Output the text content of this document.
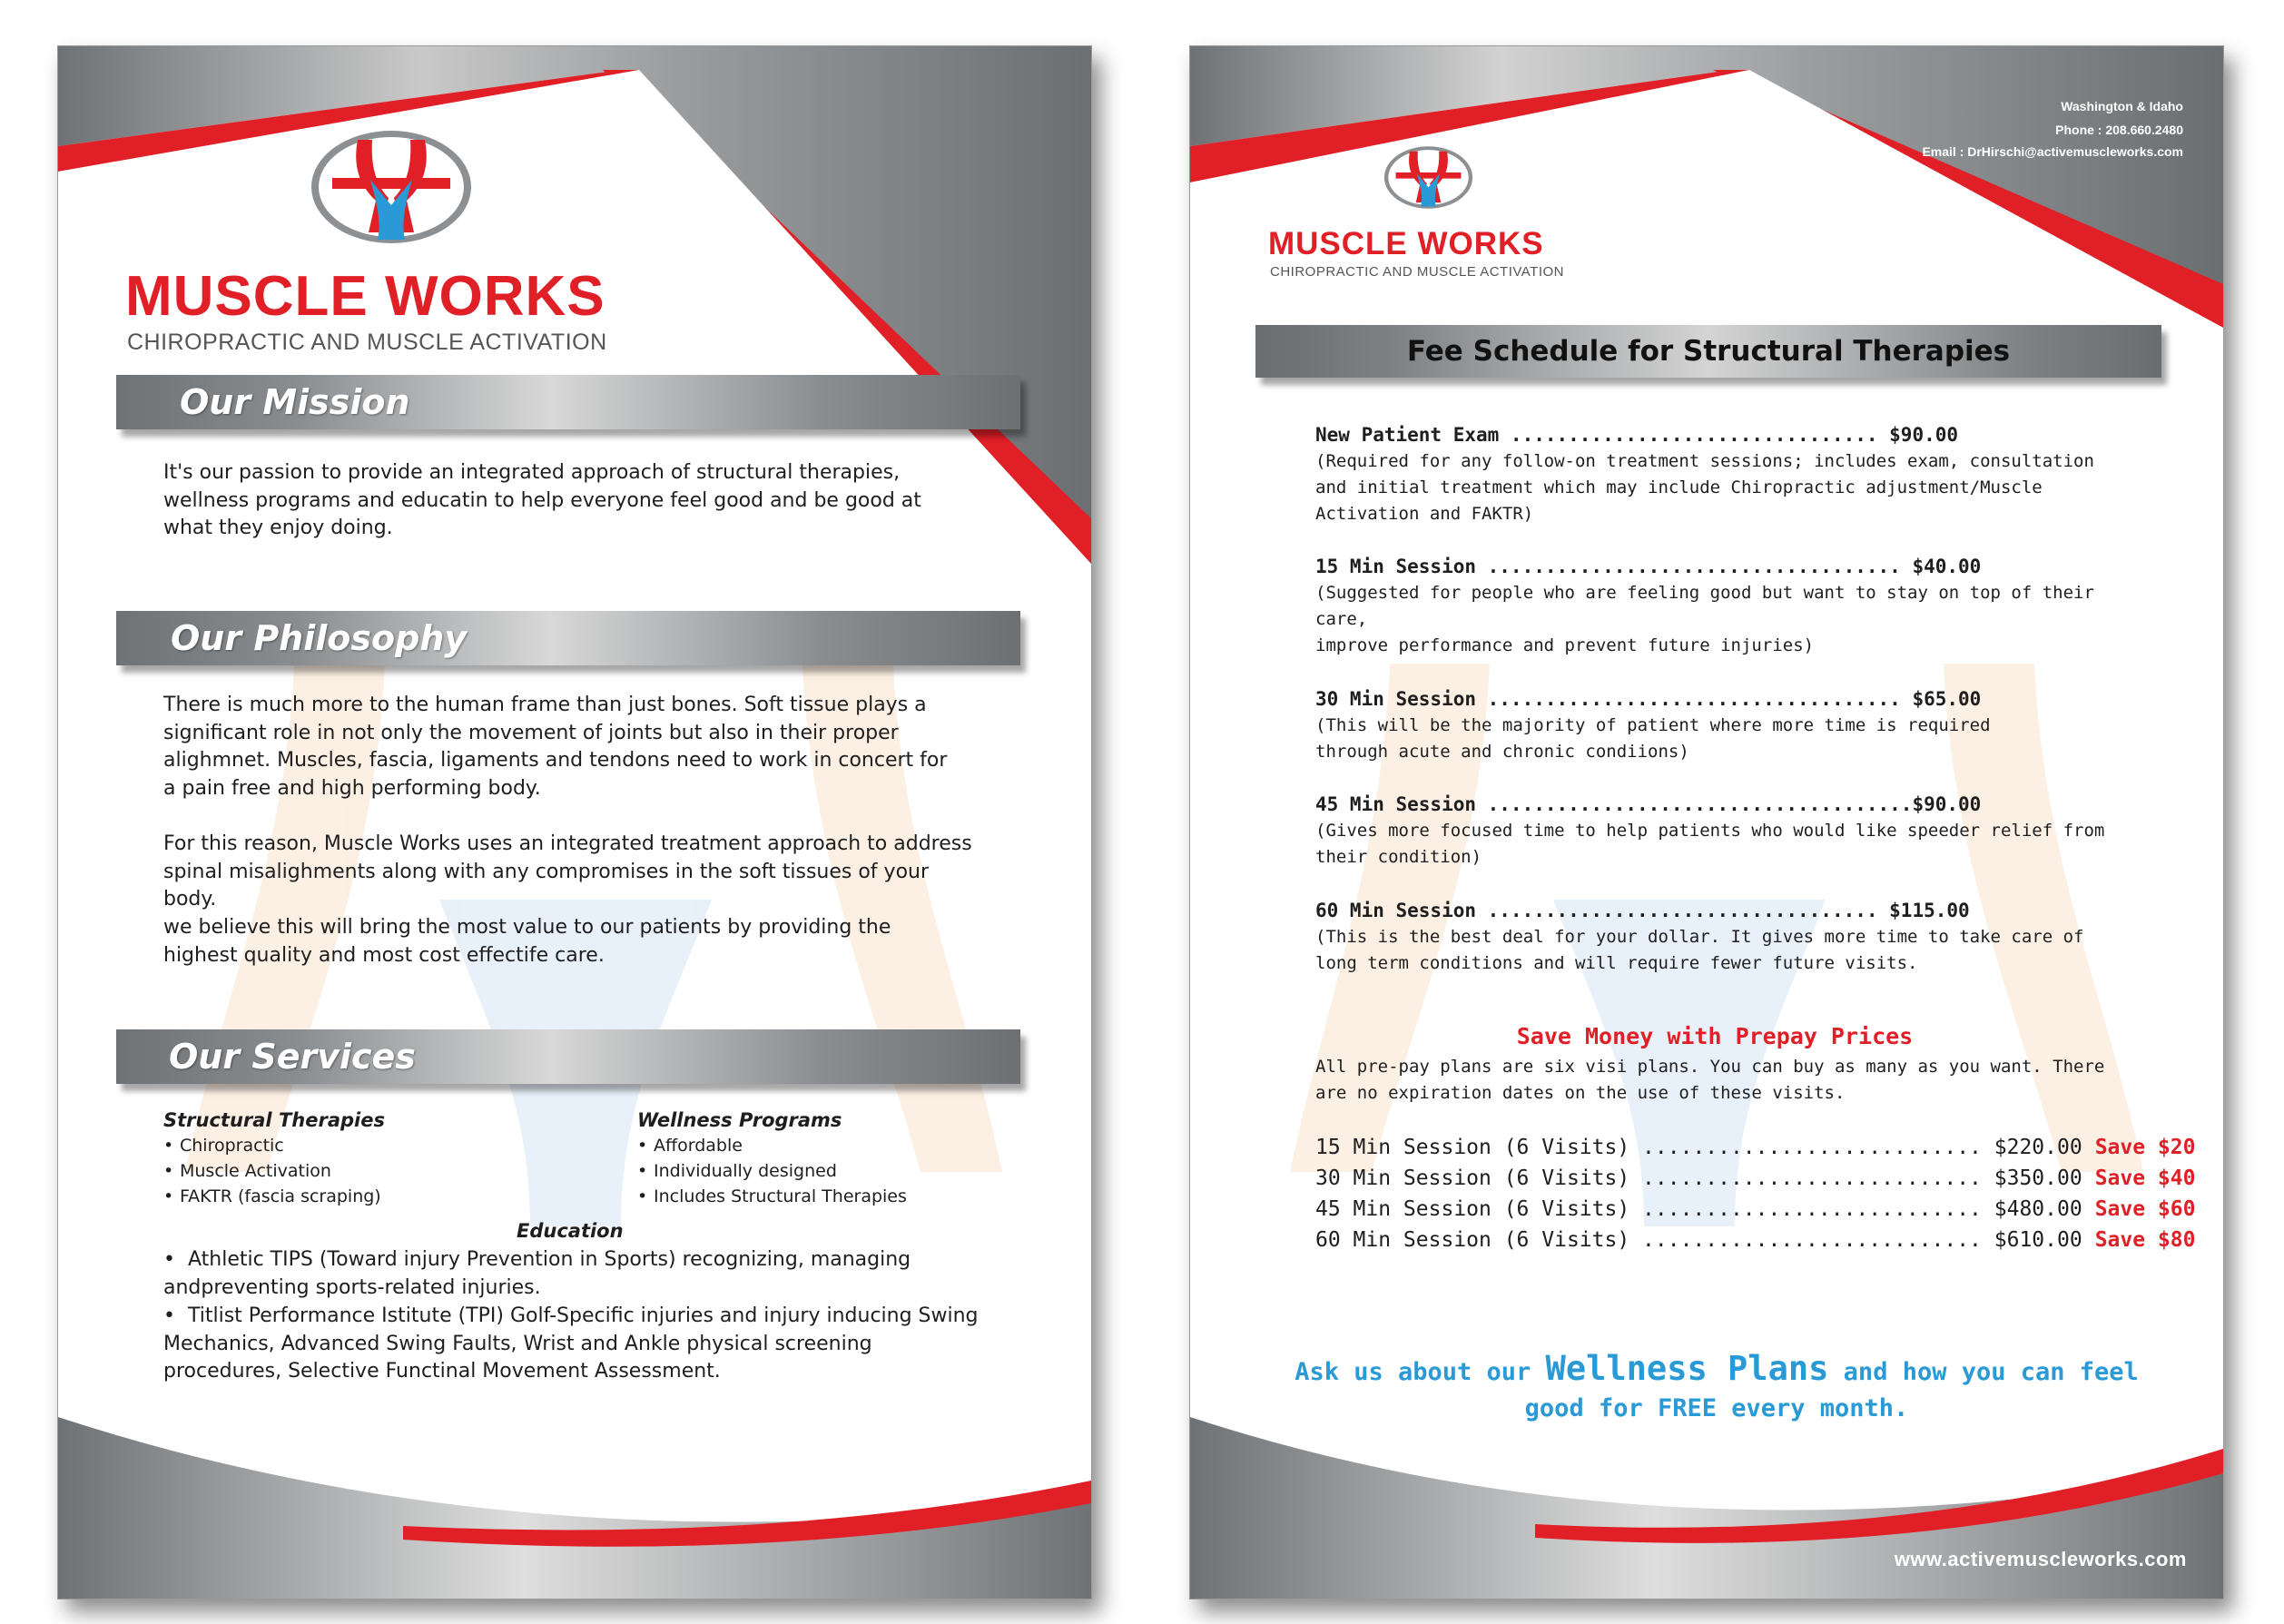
MUSCLE WORKS
CHIROPRACTIC AND MUSCLE ACTIVATION
Our Mission

It's our passion to provide an integrated approach of structural therapies, wellness programs and educatin to help everyone feel good and be good at what they enjoy doing.

Our Philosophy

There is much more to the human frame than just bones. Soft tissue plays a significant role in not only the movement of joints but also in their proper alighmnet. Muscles, fascia, ligaments and tendons need to work in concert for a pain free and high performing body.

For this reason, Muscle Works uses an integrated treatment approach to address spinal misalighments along with any compromises in the soft tissues of your body.

we believe this will bring the most value to our patients by providing the highest quality and most cost effectife care.

Our Services
Structural Therapies
• Chiropractic
• Muscle Activation
• FAKTR (fascia scraping)
Wellness Programs
• Affordable
• Individually designed
• Includes Structural Therapies
Education

•  Athletic TIPS (Toward injury Prevention in Sports) recognizing, managing andpreventing sports-related injuries.

•  Titlist Performance Istitute (TPI) Golf-Specific injuries and injury inducing Swing Mechanics, Advanced Swing Faults, Wrist and Ankle physical screening procedures, Selective Functinal Movement Assessment.

Washington & Idaho
Phone : 208.660.2480
Email : DrHirschi@activemuscleworks.com
MUSCLE WORKS
CHIROPRACTIC AND MUSCLE ACTIVATION
Fee Schedule for Structural Therapies
New Patient Exam ................................ $90.00
(Required for any follow-on treatment sessions; includes exam, consultation and initial treatment which may include Chiropractic adjustment/Muscle Activation and FAKTR)
15 Min Session .................................... $40.00
(Suggested for people who are feeling good but want to stay on top of their care,
improve performance and prevent future injuries)
30 Min Session .................................... $65.00
(This will be the majority of patient where more time is required through acute and chronic condiions)
45 Min Session .....................................$90.00
(Gives more focused time to help patients who would like speeder relief from their condition)
60 Min Session .................................. $115.00
(This is the best deal for your dollar. It gives more time to take care of long term conditions and will require fewer future visits.
Save Money with Prepay Prices
All pre-pay plans are six visi plans. You can buy as many as you want. There are no expiration dates on the use of these visits.
15 Min Session (6 Visits) ........................... $220.00 Save $20
30 Min Session (6 Visits) ........................... $350.00 Save $40
45 Min Session (6 Visits) ........................... $480.00 Save $60
60 Min Session (6 Visits) ........................... $610.00 Save $80
Ask us about our Wellness Plans and how you can feel good for FREE every month.
www.activemuscleworks.com
